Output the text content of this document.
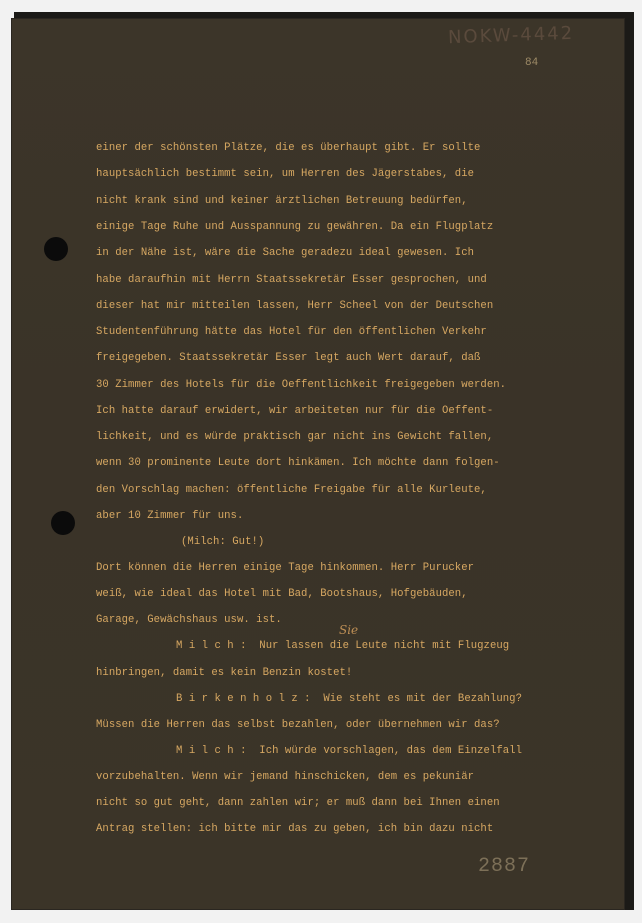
NOKW-4442
84
einer der schönsten Plätze, die es überhaupt gibt. Er sollte
hauptsächlich bestimmt sein, um Herren des Jägerstabes, die
nicht krank sind und keiner ärztlichen Betreuung bedürfen,
einige Tage Ruhe und Ausspannung zu gewähren. Da ein Flugplatz
in der Nähe ist, wäre die Sache geradezu ideal gewesen. Ich
habe daraufhin mit Herrn Staatssekretär Esser gesprochen, und
dieser hat mir mitteilen lassen, Herr Scheel von der Deutschen
Studentenführung hätte das Hotel für den öffentlichen Verkehr
freigegeben. Staatssekretär Esser legt auch Wert darauf, daß
30 Zimmer des Hotels für die Oeffentlichkeit freigegeben werden.
Ich hatte darauf erwidert, wir arbeiteten nur für die Oeffent-
lichkeit, und es würde praktisch gar nicht ins Gewicht fallen,
wenn 30 prominente Leute dort hinkämen. Ich möchte dann folgen-
den Vorschlag machen: öffentliche Freigabe für alle Kurleute,
aber 10 Zimmer für uns.
(Milch: Gut!)
Dort können die Herren einige Tage hinkommen. Herr Purucker
weiß, wie ideal das Hotel mit Bad, Bootshaus, Hofgebäuden,
Garage, Gewächshaus usw. ist.
M i l c h :  Nur lassen die Leute nicht mit Flugzeug
hinbringen, damit es kein Benzin kostet!
B i r k e n h o l z :  Wie steht es mit der Bezahlung?
Müssen die Herren das selbst bezahlen, oder übernehmen wir das?
M i l c h :  Ich würde vorschlagen, das dem Einzelfall
vorzubehalten. Wenn wir jemand hinschicken, dem es pekuniär
nicht so gut geht, dann zahlen wir; er muß dann bei Ihnen einen
Antrag stellen: ich bitte mir das zu geben, ich bin dazu nicht
Sie
2887
